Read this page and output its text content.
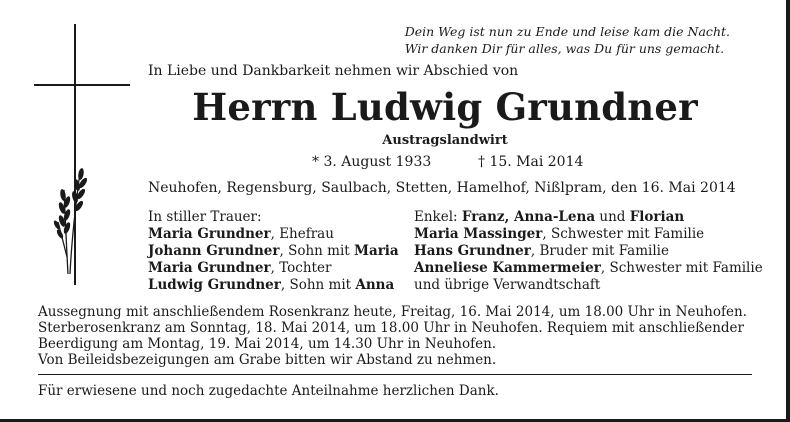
Dein Weg ist nun zu Ende und leise kam die Nacht.
Wir danken Dir für alles, was Du für uns gemacht.

In Liebe und Dankbarkeit nehmen wir Abschied von

Herrn Ludwig Grundner

Austragslandwirt

* 3. August 1933	† 15. Mai 2014

Neuhofen, Regensburg, Saulbach, Stetten, Hamelhof, Nißlpram, den 16. Mai 2014

In stiller Trauer:
Maria Grundner, Ehefrau
Johann Grundner, Sohn mit Maria
Maria Grundner, Tochter
Ludwig Grundner, Sohn mit Anna
Enkel: Franz, Anna-Lena und Florian
Maria Massinger, Schwester mit Familie
Hans Grundner, Bruder mit Familie
Anneliese Kammermeier, Schwester mit Familie
und übrige Verwandtschaft
Aussegnung mit anschließendem Rosenkranz heute, Freitag, 16. Mai 2014, um 18.00 Uhr in Neuhofen.
Sterberosenkranz am Sonntag, 18. Mai 2014, um 18.00 Uhr in Neuhofen. Requiem mit anschließender
Beerdigung am Montag, 19. Mai 2014, um 14.30 Uhr in Neuhofen.

Von Beileidsbezeigungen am Grabe bitten wir Abstand zu nehmen.

Für erwiesene und noch zugedachte Anteilnahme herzlichen Dank.
